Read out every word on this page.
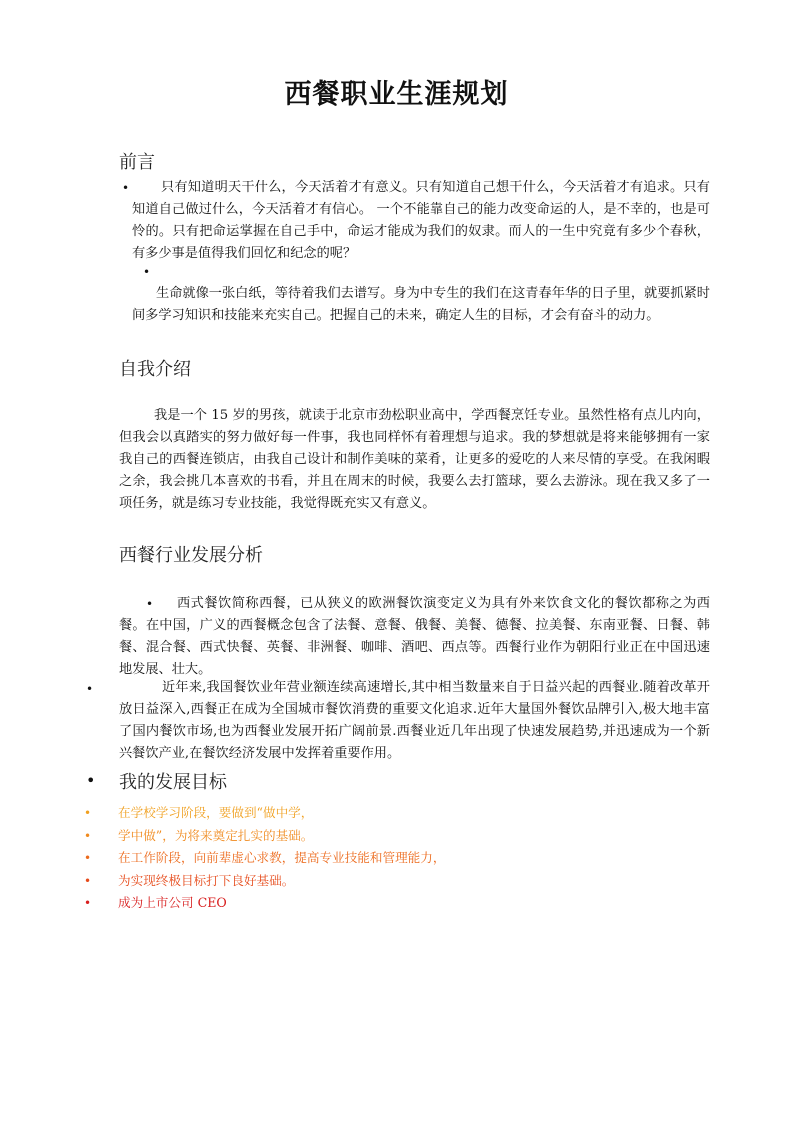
西餐职业生涯规划
前言
•	只有知道明天干什么，今天活着才有意义。只有知道自己想干什么，今天活着才有追求。只有知道自己做过什么，今天活着才有信心。 一个不能靠自己的能力改变命运的人，是不幸的，也是可怜的。只有把命运掌握在自己手中，命运才能成为我们的奴隶。而人的一生中究竟有多少个春秋，有多少事是值得我们回忆和纪念的呢？
•
生命就像一张白纸，等待着我们去谱写。身为中专生的我们在这青春年华的日子里，就要抓紧时间多学习知识和技能来充实自己。把握自己的未来，确定人生的目标，才会有奋斗的动力。
自我介绍
我是一个 15 岁的男孩，就读于北京市劲松职业高中，学西餐烹饪专业。虽然性格有点儿内向，但我会以真踏实的努力做好每一件事，我也同样怀有着理想与追求。我的梦想就是将来能够拥有一家我自己的西餐连锁店，由我自己设计和制作美味的菜肴，让更多的爱吃的人来尽情的享受。在我闲暇之余，我会挑几本喜欢的书看，并且在周末的时候，我要么去打篮球，要么去游泳。现在我又多了一项任务，就是练习专业技能，我觉得既充实又有意义。
西餐行业发展分析
•	西式餐饮简称西餐，已从狭义的欧洲餐饮演变定义为具有外来饮食文化的餐饮都称之为西餐。在中国，广义的西餐概念包含了法餐、意餐、俄餐、美餐、德餐、拉美餐、东南亚餐、日餐、韩餐、混合餐、西式快餐、英餐、非洲餐、咖啡、酒吧、西点等。西餐行业作为朝阳行业正在中国迅速地发展、壮大。
•	近年来,我国餐饮业年营业额连续高速增长,其中相当数量来自于日益兴起的西餐业.随着改革开放日益深入,西餐正在成为全国城市餐饮消费的重要文化追求.近年大量国外餐饮品牌引入,极大地丰富了国内餐饮市场,也为西餐业发展开拓广阔前景.西餐业近几年出现了快速发展趋势,并迅速成为一个新兴餐饮产业,在餐饮经济发展中发挥着重要作用。
• 我的发展目标
• 在学校学习阶段，要做到“做中学，
• 学中做”，为将来奠定扎实的基础。
• 在工作阶段，向前辈虚心求教，提高专业技能和管理能力，
• 为实现终极目标打下良好基础。
• 成为上市公司 CEO
